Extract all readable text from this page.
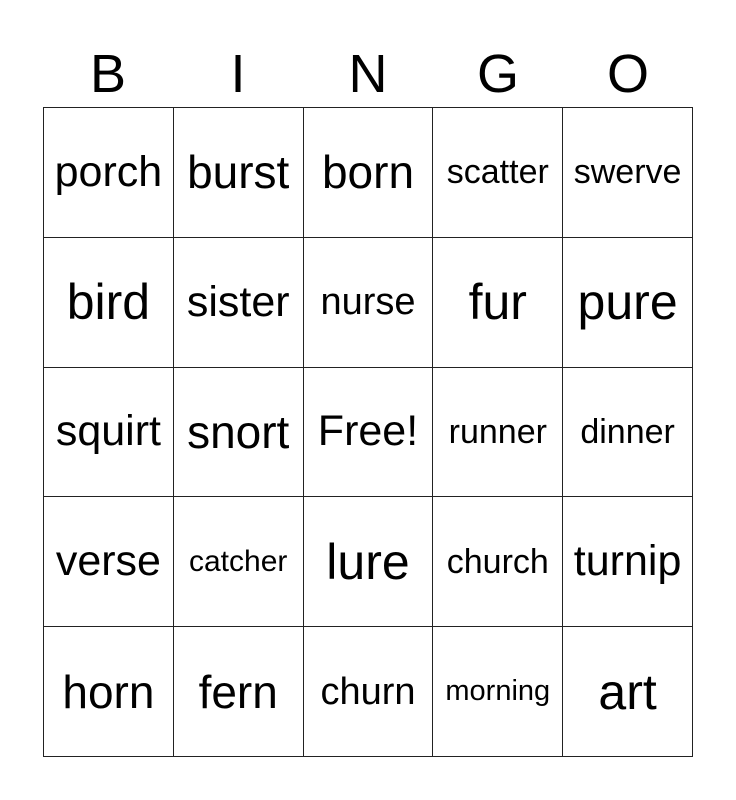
B	I	N	G	O
porch burst born scatter swerve
bird sister nurse	fur	pure
squirt snort Free! runner dinner
verse catcher lure	church turnip
horn fern	churn	morning art
